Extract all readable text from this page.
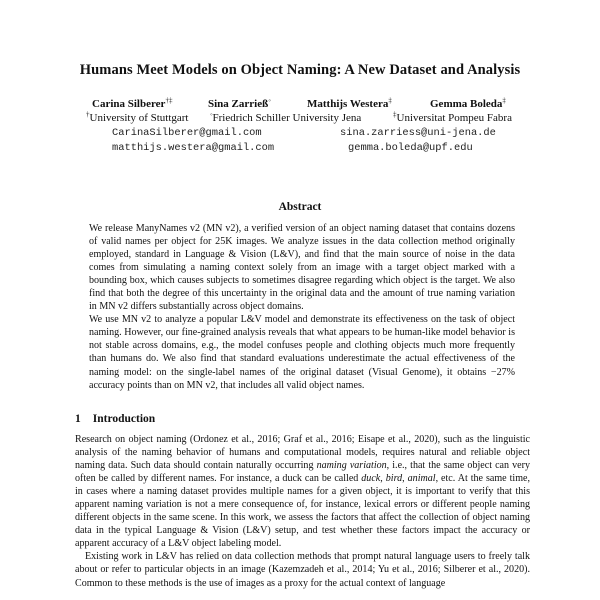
Humans Meet Models on Object Naming: A New Dataset and Analysis
Carina Silberer†‡	Sina Zarrieß◦	Matthijs Westera‡	Gemma Boleda‡
†University of Stuttgart	◦Friedrich Schiller University Jena	‡Universitat Pompeu Fabra
CarinaSilberer@gmail.com	sina.zarriess@uni-jena.de
matthijs.westera@gmail.com	gemma.boleda@upf.edu
Abstract

We release ManyNames v2 (MN v2), a verified version of an object naming dataset that contains dozens of valid names per object for 25K images. We analyze issues in the data collection method originally employed, standard in Language & Vision (L&V), and find that the main source of noise in the data comes from simulating a naming context solely from an image with a target object marked with a bounding box, which causes subjects to sometimes disagree regarding which object is the target. We also find that both the degree of this uncertainty in the original data and the amount of true naming variation in MN v2 differs substantially across object domains.

We use MN v2 to analyze a popular L&V model and demonstrate its effectiveness on the task of object naming. However, our fine-grained analysis reveals that what appears to be human-like model behavior is not stable across domains, e.g., the model confuses people and clothing objects much more frequently than humans do. We also find that standard evaluations underestimate the actual effectiveness of the naming model: on the single-label names of the original dataset (Visual Genome), it obtains −27% accuracy points than on MN v2, that includes all valid object names.

1 Introduction

Research on object naming (Ordonez et al., 2016; Graf et al., 2016; Eisape et al., 2020), such as the linguistic analysis of the naming behavior of humans and computational models, requires natural and reliable object naming data. Such data should contain naturally occurring naming variation, i.e., that the same object can very often be called by different names. For instance, a duck can be called duck, bird, animal, etc. At the same time, in cases where a naming dataset provides multiple names for a given object, it is important to verify that this apparent naming variation is not a mere consequence of, for instance, lexical errors or different people naming different objects in the same scene. In this work, we assess the factors that affect the collection of object naming data in the typical Language & Vision (L&V) setup, and test whether these factors impact the accuracy or apparent accuracy of a L&V object labeling model.

Existing work in L&V has relied on data collection methods that prompt natural language users to freely talk about or refer to particular objects in an image (Kazemzadeh et al., 2014; Yu et al., 2016; Silberer et al., 2020). Common to these methods is the use of images as a proxy for the actual context of language
